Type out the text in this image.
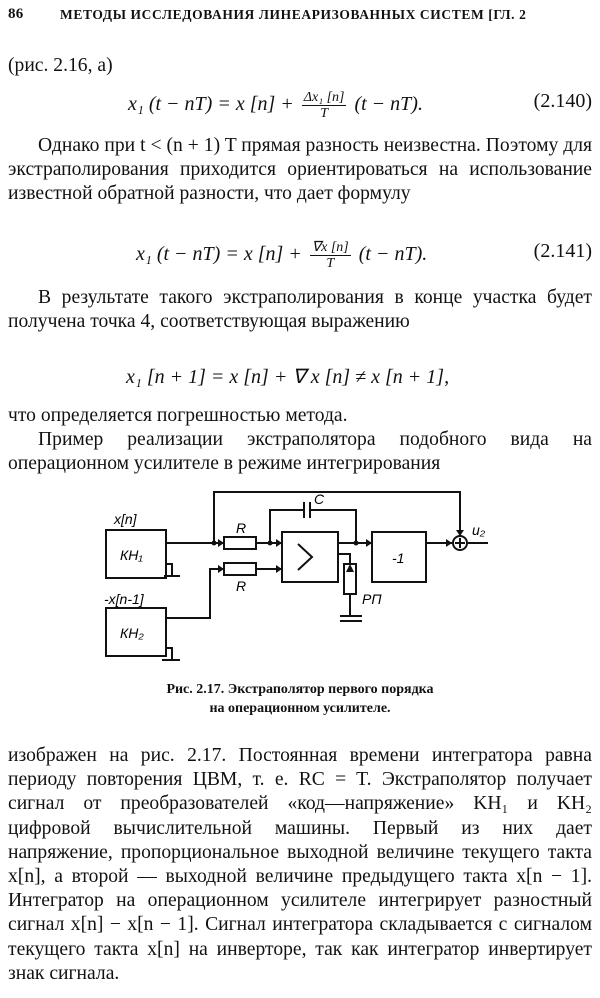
86	МЕТОДЫ ИССЛЕДОВАНИЯ ЛИНЕАРИЗОВАННЫХ СИСТЕМ [ГЛ. 2
(рис. 2.16, а)
x₁ (t − nT) = x $[n] + \frac{\text{Δx₁ [n]}}{T} (t - nT)$.	(2.140)
Однако при t < (n + 1) T прямая разность неизвестна. Поэтому для экстраполирования приходится ориентироваться на использование известной обратной разности, что дает формулу
x₁ (t − nT) = x $[n] + \frac{\nabla x [n]}{T} (t - nT)$.	(2.141)
В результате такого экстраполирования в конце участка будет получена точка 4, соответствующая выражению
x₁ [n + 1] = x [n] + ∇ x [n] ≠ x [n + 1],
что определяется погрешностью метода.
Пример реализации экстраполятора подобного вида на операционном усилителе в режиме интегрирования
x[n]
-x[n-1]
КН₁
КН₂
R
R
C
-1
u₂
РП
Рис. 2.17. Экстраполятор первого порядка
на операционном усилителе.
изображен на рис. 2.17. Постоянная времени интегратора равна периоду повторения ЦВМ, т. е. RC = T. Экстраполятор получает сигнал от преобразователей «код—напряжение» KH₁ и KH₂ цифровой вычислительной машины. Первый из них дает напряжение, пропорциональное выходной величине текущего такта x[n], а второй — выходной величине предыдущего такта x[n − 1]. Интегратор на операционном усилителе интегрирует разностный сигнал x[n] − x[n − 1]. Сигнал интегратора складывается с сигналом текущего такта x[n] на инверторе, так как интегратор инвертирует знак сигнала.
